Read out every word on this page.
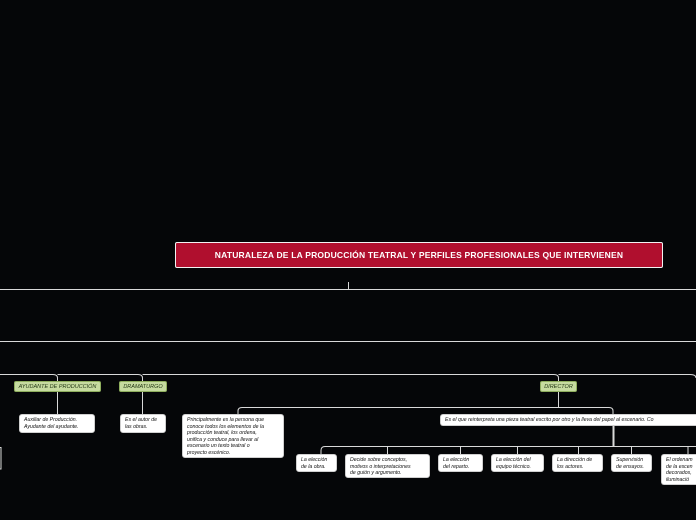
NATURALEZA DE LA PRODUCCIÓN TEATRAL Y PERFILES PROFESIONALES QUE INTERVIENEN
AYUDANTE DE PRODUCCIÓN	DRAMATURGO	DIRECTOR
Auxiliar de Producción.
Ayudante del ayudante.
Es el autor de
las obras.
Principalmente es la persona que
conoce todos los elementos de la
producción teatral, los ordena,
unifica y conduce para llevar al
escenario un texto teatral o
proyecto escénico.
Es el que reinterpreta una pieza teatral escrito por otro y la lleva del papel al escenario. Co
La elección
de la obra.
Decide sobre conceptos,
motivos o interpretaciones
de guión y argumento.
La elección
del reparto.
La elección del
equipo técnico.
La dirección de
los actores.
Supervisión
de ensayos.
El ordenam
de la escen
decorados,
iluminació
